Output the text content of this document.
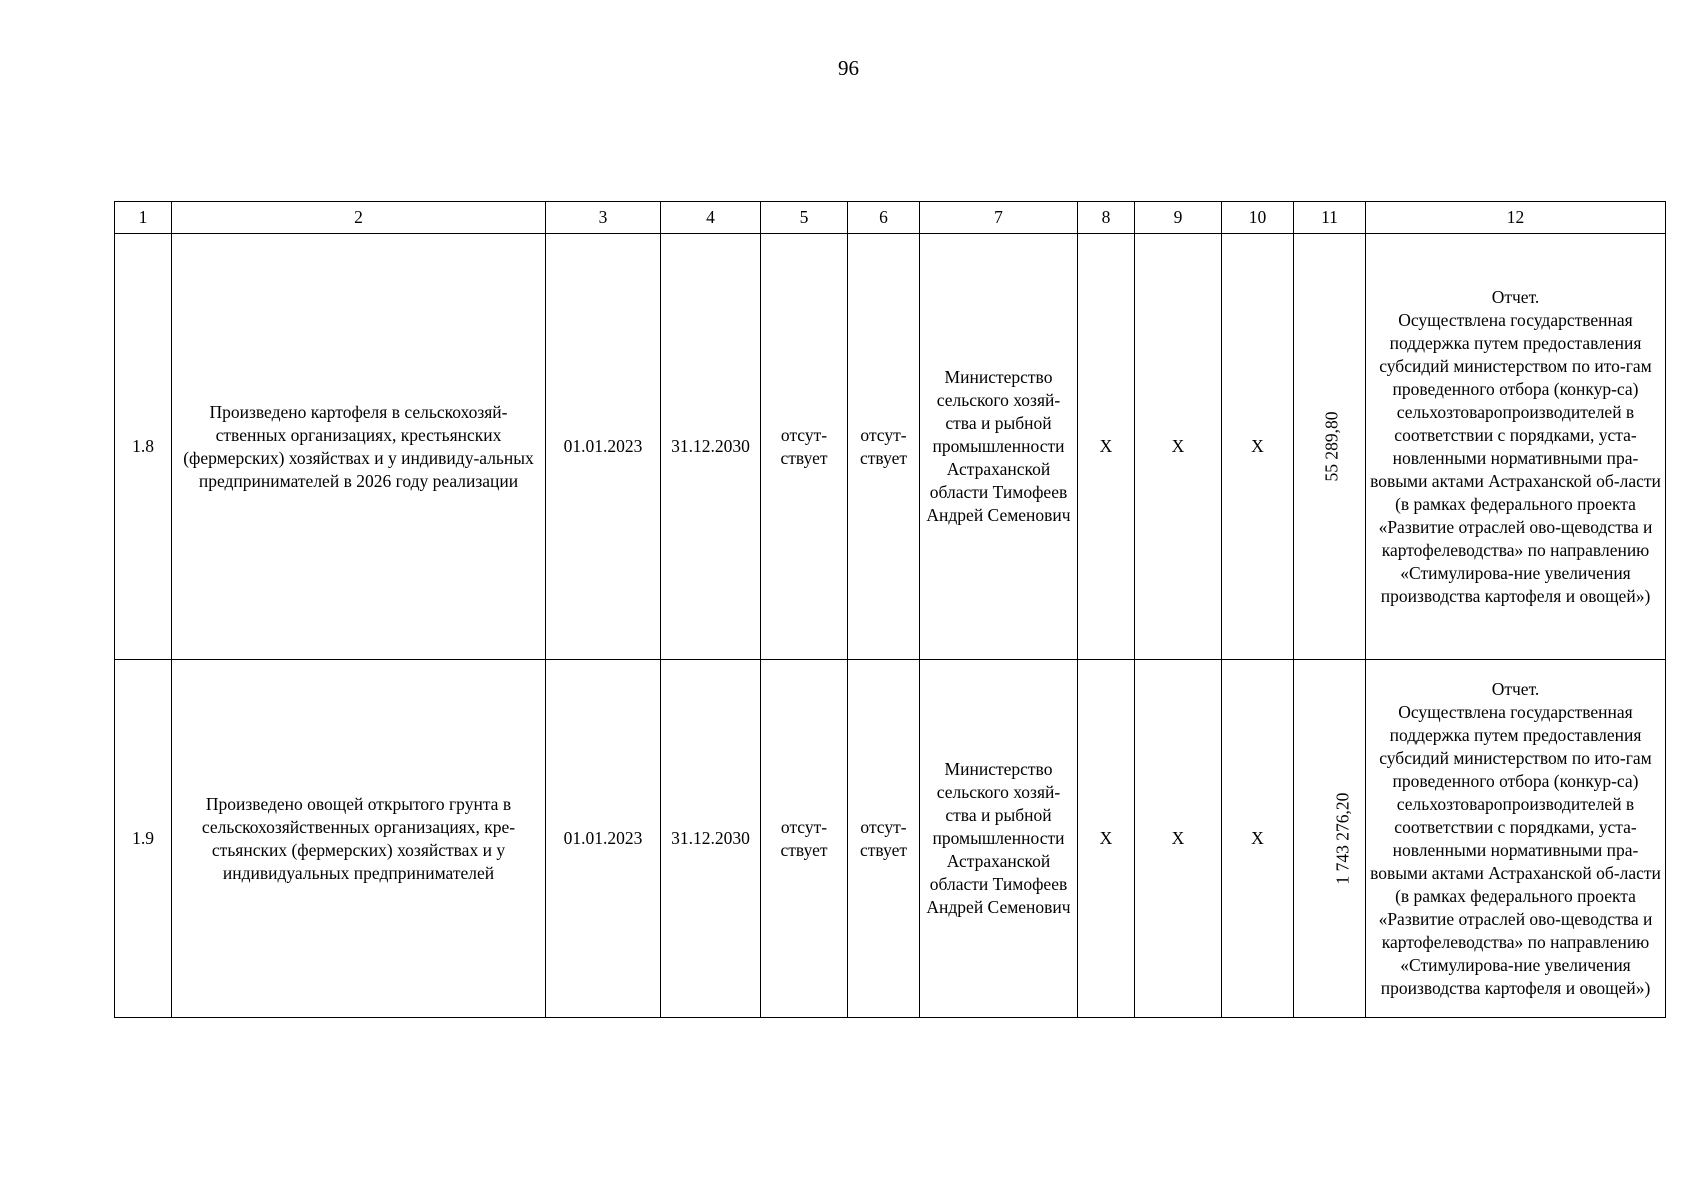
96
1	2	3	4	5	6	7	8	9	10	11	12
1.8	Произведено картофеля в сельскохозяй-ственных организациях, крестьянских (фермерских) хозяйствах и у индивиду-альных предпринимателей в 2026 году реализации	01.01.2023	31.12.2030	отсут-ствует	отсут-ствует	Министерство сельского хозяй-ства и рыбной промышленности Астраханской области Тимофеев Андрей Семенович	X	X	X	55 289,80	Отчет.
Осуществлена государственная поддержка путем предоставления субсидий министерством по ито-гам проведенного отбора (конкур-са) сельхозтоваропроизводителей в соответствии с порядками, уста-новленными нормативными пра-вовыми актами Астраханской об-ласти (в рамках федерального проекта «Развитие отраслей ово-щеводства и картофелеводства» по направлению «Стимулирова-ние увеличения производства картофеля и овощей»)

1.9	Произведено овощей открытого грунта в сельскохозяйственных организациях, кре-стьянских (фермерских) хозяйствах и у индивидуальных предпринимателей	01.01.2023	31.12.2030	отсут-ствует	отсут-ствует	Министерство сельского хозяй-ства и рыбной промышленности Астраханской области Тимофеев Андрей Семенович	X	X	X	1 743 276,20	Отчет.
Осуществлена государственная поддержка путем предоставления субсидий министерством по ито-гам проведенного отбора (конкур-са) сельхозтоваропроизводителей в соответствии с порядками, уста-новленными нормативными пра-вовыми актами Астраханской об-ласти (в рамках федерального проекта «Развитие отраслей ово-щеводства и картофелеводства» по направлению «Стимулирова-ние увеличения производства картофеля и овощей»)
